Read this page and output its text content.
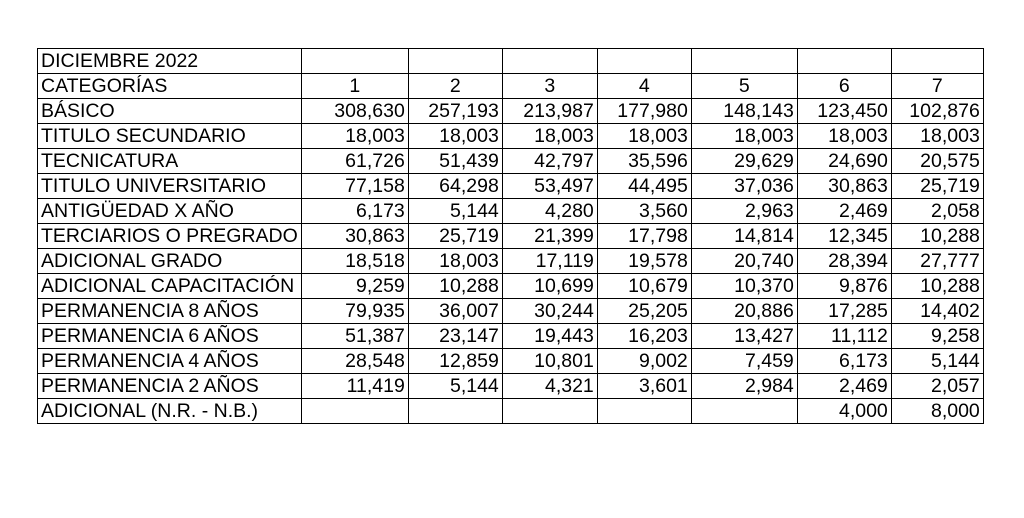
DICIEMBRE 2022							
CATEGORÍAS	1	2	3	4	5	6	7
BÁSICO	308,630	257,193	213,987	177,980	148,143	123,450	102,876
TITULO SECUNDARIO	18,003	18,003	18,003	18,003	18,003	18,003	18,003
TECNICATURA	61,726	51,439	42,797	35,596	29,629	24,690	20,575
TITULO UNIVERSITARIO	77,158	64,298	53,497	44,495	37,036	30,863	25,719
ANTIGÜEDAD X AÑO	6,173	5,144	4,280	3,560	2,963	2,469	2,058
TERCIARIOS O PREGRADO	30,863	25,719	21,399	17,798	14,814	12,345	10,288
ADICIONAL GRADO	18,518	18,003	17,119	19,578	20,740	28,394	27,777
ADICIONAL CAPACITACIÓN	9,259	10,288	10,699	10,679	10,370	9,876	10,288
PERMANENCIA 8 AÑOS	79,935	36,007	30,244	25,205	20,886	17,285	14,402
PERMANENCIA 6 AÑOS	51,387	23,147	19,443	16,203	13,427	11,112	9,258
PERMANENCIA 4 AÑOS	28,548	12,859	10,801	9,002	7,459	6,173	5,144
PERMANENCIA 2 AÑOS	11,419	5,144	4,321	3,601	2,984	2,469	2,057
ADICIONAL (N.R. - N.B.)						4,000	8,000
